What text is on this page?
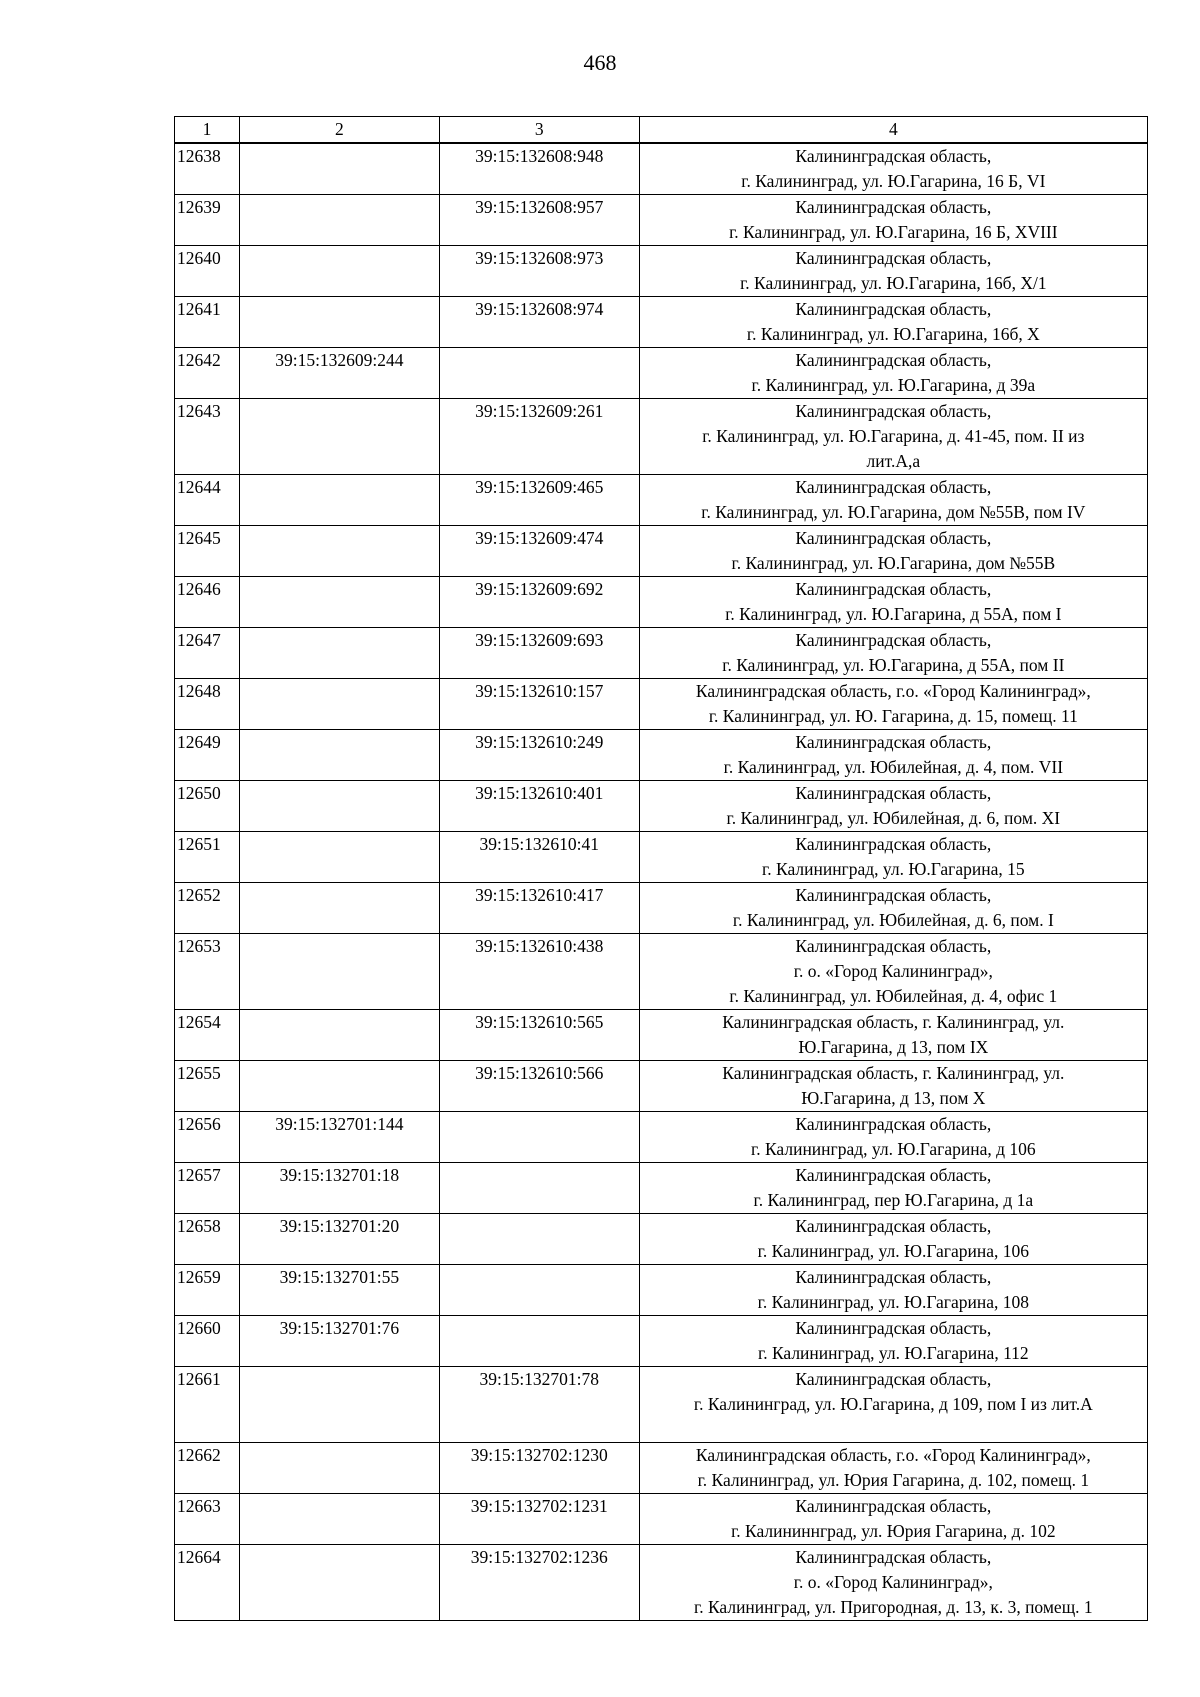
468
1	2	3	4
12638		39:15:132608:948	Калининградская область,
г. Калининград, ул. Ю.Гагарина, 16 Б, VI
12639		39:15:132608:957	Калининградская область,
г. Калининград, ул. Ю.Гагарина, 16 Б, XVIII
12640		39:15:132608:973	Калининградская область,
г. Калининград, ул. Ю.Гагарина, 16б, X/1
12641		39:15:132608:974	Калининградская область,
г. Калининград, ул. Ю.Гагарина, 16б, X
12642	39:15:132609:244		Калининградская область,
г. Калининград, ул. Ю.Гагарина, д 39а
12643		39:15:132609:261	Калининградская область,
г. Калининград, ул. Ю.Гагарина, д. 41-45, пом. II из
лит.А,а
12644		39:15:132609:465	Калининградская область,
г. Калининград, ул. Ю.Гагарина, дом №55В, пом IV
12645		39:15:132609:474	Калининградская область,
г. Калининград, ул. Ю.Гагарина, дом №55В
12646		39:15:132609:692	Калининградская область,
г. Калининград, ул. Ю.Гагарина, д 55А, пом I
12647		39:15:132609:693	Калининградская область,
г. Калининград, ул. Ю.Гагарина, д 55А, пом II
12648		39:15:132610:157	Калининградская область, г.о. «Город Калининград»,
г. Калининград, ул. Ю. Гагарина, д. 15, помещ. 11
12649		39:15:132610:249	Калининградская область,
г. Калининград, ул. Юбилейная, д. 4, пом. VII
12650		39:15:132610:401	Калининградская область,
г. Калининград, ул. Юбилейная, д. 6, пом. XI
12651		39:15:132610:41	Калининградская область,
г. Калининград, ул. Ю.Гагарина, 15
12652		39:15:132610:417	Калининградская область,
г. Калининград, ул. Юбилейная, д. 6, пом. I
12653		39:15:132610:438	Калининградская область,
г. о. «Город Калининград»,
г. Калининград, ул. Юбилейная, д. 4, офис 1
12654		39:15:132610:565	Калининградская область, г. Калининград, ул.
Ю.Гагарина, д 13, пом IX
12655		39:15:132610:566	Калининградская область, г. Калининград, ул.
Ю.Гагарина, д 13, пом X
12656	39:15:132701:144		Калининградская область,
г. Калининград, ул. Ю.Гагарина, д 106
12657	39:15:132701:18		Калининградская область,
г. Калининград, пер Ю.Гагарина, д 1а
12658	39:15:132701:20		Калининградская область,
г. Калининград, ул. Ю.Гагарина, 106
12659	39:15:132701:55		Калининградская область,
г. Калининград, ул. Ю.Гагарина, 108
12660	39:15:132701:76		Калининградская область,
г. Калининград, ул. Ю.Гагарина, 112
12661		39:15:132701:78	Калининградская область,
г. Калининград, ул. Ю.Гагарина, д 109, пом I из лит.А
12662		39:15:132702:1230	Калининградская область, г.о. «Город Калининград»,
г. Калининград, ул. Юрия Гагарина, д. 102, помещ. 1
12663		39:15:132702:1231	Калининградская область,
г. Калининнград, ул. Юрия Гагарина, д. 102
12664		39:15:132702:1236	Калининградская область,
г. о. «Город Калининград»,
г. Калининград, ул. Пригородная, д. 13, к. 3, помещ. 1
